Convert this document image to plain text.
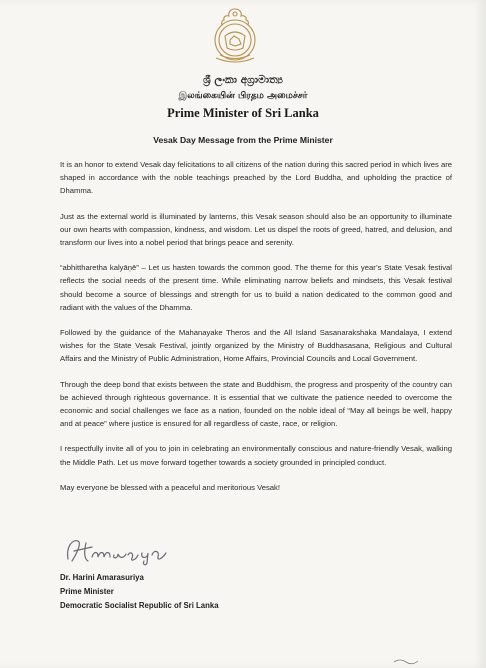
ශ්‍රී ලංකා අග්‍රාමාත්‍ය
இலங்கையின் பிரதம அமைச்சர்
Prime Minister of Sri Lanka
Vesak Day Message from the Prime Minister

It is an honor to extend Vesak day felicitations to all citizens of the nation during this sacred period in which lives are shaped in accordance with the noble teachings preached by the Lord Buddha, and upholding the practice of Dhamma.

Just as the external world is illuminated by lanterns, this Vesak season should also be an opportunity to illuminate our own hearts with compassion, kindness, and wisdom. Let us dispel the roots of greed, hatred, and delusion, and transform our lives into a nobel period that brings peace and serenity.

“abhittharetha kalyāņē” – Let us hasten towards the common good. The theme for this year’s State Vesak festival reflects the social needs of the present time. While eliminating narrow beliefs and mindsets, this Vesak festival should become a source of blessings and strength for us to build a nation dedicated to the common good and radiant with the values of the Dhamma.

Followed by the guidance of the Mahanayake Theros and the All Island Sasanarakshaka Mandalaya, I extend wishes for the State Vesak Festival, jointly organized by the Ministry of Buddhasasana, Religious and Cultural Affairs and the Ministry of Public Administration, Home Affairs, Provincial Councils and Local Government.

Through the deep bond that exists between the state and Buddhism, the progress and prosperity of the country can be achieved through righteous governance. It is essential that we cultivate the patience needed to overcome the economic and social challenges we face as a nation, founded on the noble ideal of “May all beings be well, happy and at peace” where justice is ensured for all regardless of caste, race, or religion.

I respectfully invite all of you to join in celebrating an environmentally conscious and nature-friendly Vesak, walking the Middle Path. Let us move forward together towards a society grounded in principled conduct.

May everyone be blessed with a peaceful and meritorious Vesak!

Dr. Harini Amarasuriya
Prime Minister
Democratic Socialist Republic of Sri Lanka
